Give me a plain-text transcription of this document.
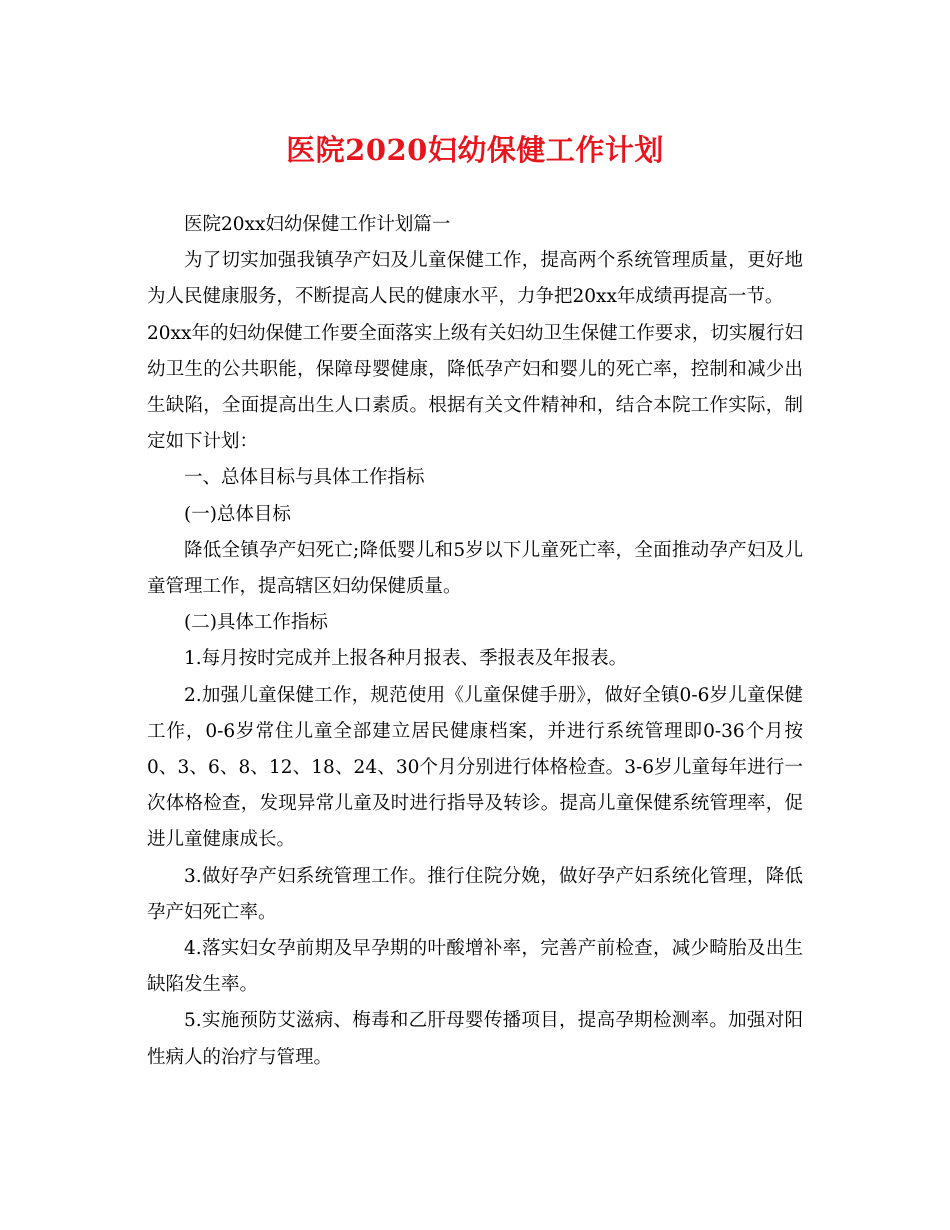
医院2020妇幼保健工作计划

医院20xx妇幼保健工作计划篇一

为了切实加强我镇孕产妇及儿童保健工作，提高两个系统管理质量，更好地为人民健康服务，不断提高人民的健康水平，力争把20xx年成绩再提高一节。

20xx年的妇幼保健工作要全面落实上级有关妇幼卫生保健工作要求，切实履行妇幼卫生的公共职能，保障母婴健康，降低孕产妇和婴儿的死亡率，控制和减少出生缺陷，全面提高出生人口素质。根据有关文件精神和，结合本院工作实际，制定如下计划：

一、总体目标与具体工作指标

(一)总体目标

降低全镇孕产妇死亡;降低婴儿和5岁以下儿童死亡率，全面推动孕产妇及儿童管理工作，提高辖区妇幼保健质量。

(二)具体工作指标

1.每月按时完成并上报各种月报表、季报表及年报表。

2.加强儿童保健工作，规范使用《儿童保健手册》，做好全镇0-6岁儿童保健工作，0-6岁常住儿童全部建立居民健康档案，并进行系统管理即0-36个月按0、3、6、8、12、18、24、30个月分别进行体格检查。3-6岁儿童每年进行一次体格检查，发现异常儿童及时进行指导及转诊。提高儿童保健系统管理率，促进儿童健康成长。

3.做好孕产妇系统管理工作。推行住院分娩，做好孕产妇系统化管理，降低孕产妇死亡率。

4.落实妇女孕前期及早孕期的叶酸增补率，完善产前检查，减少畸胎及出生缺陷发生率。

5.实施预防艾滋病、梅毒和乙肝母婴传播项目，提高孕期检测率。加强对阳性病人的治疗与管理。
